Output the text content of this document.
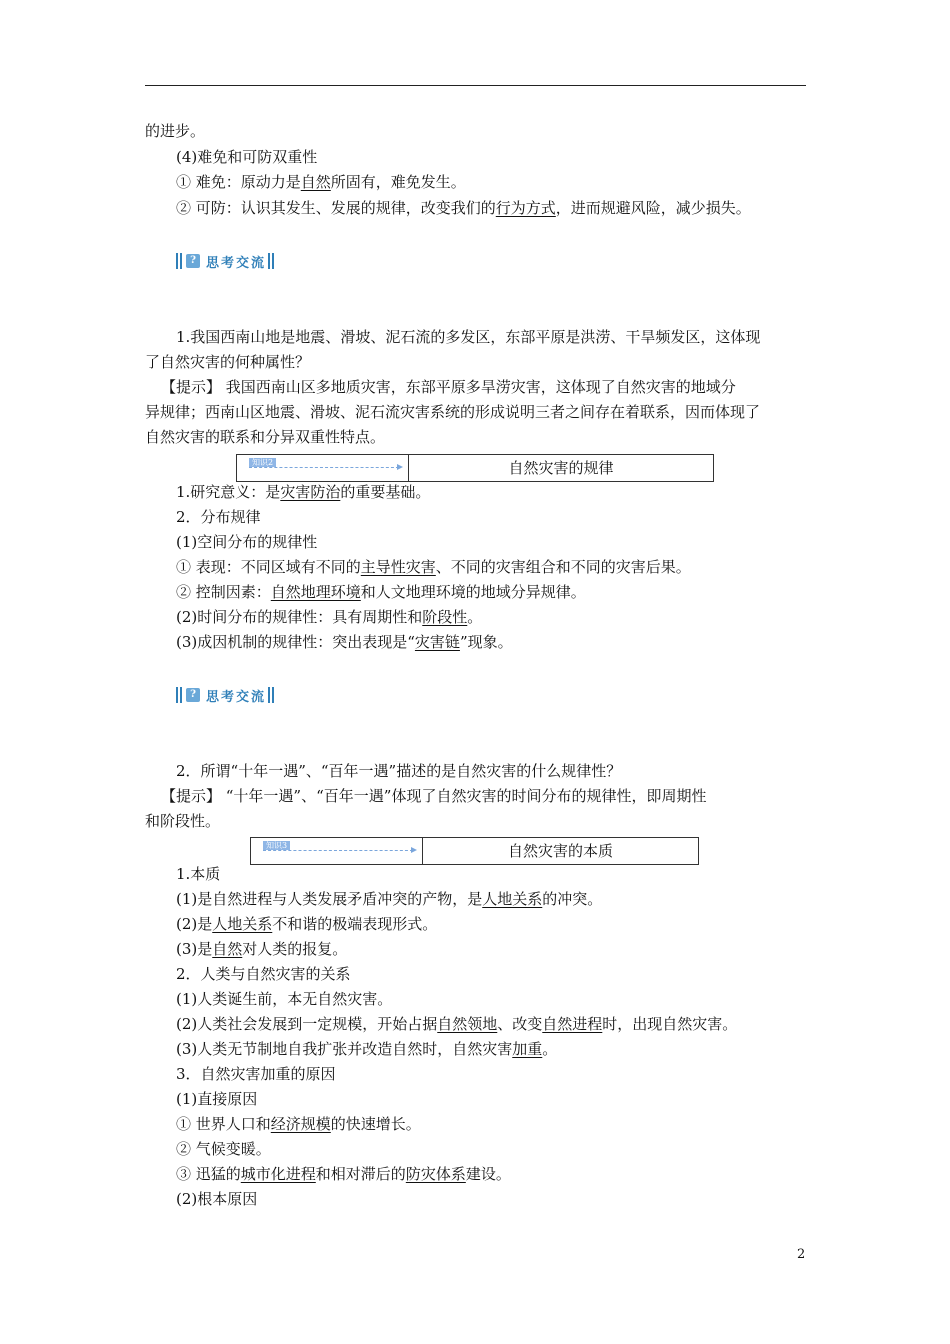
的进步。
(4)难免和可防双重性
① 难免：原动力是自然所固有，难免发生。
② 可防：认识其发生、发展的规律，改变我们的行为方式，进而规避风险，减少损失。
? 思考交流
1.我国西南山地是地震、滑坡、泥石流的多发区，东部平原是洪涝、干旱频发区，这体现
了自然灾害的何种属性？
【提示】 我国西南山区多地质灾害，东部平原多旱涝灾害，这体现了自然灾害的地域分
异规律；西南山区地震、滑坡、泥石流灾害系统的形成说明三者之间存在着联系，因而体现了
自然灾害的联系和分异双重性特点。
知识2	自然灾害的规律
1.研究意义：是灾害防治的重要基础。
2．分布规律
(1)空间分布的规律性
① 表现：不同区域有不同的主导性灾害、不同的灾害组合和不同的灾害后果。
② 控制因素：自然地理环境和人文地理环境的地域分异规律。
(2)时间分布的规律性：具有周期性和阶段性。
(3)成因机制的规律性：突出表现是“灾害链”现象。
? 思考交流
2．所谓“十年一遇”、“百年一遇”描述的是自然灾害的什么规律性？
【提示】 “十年一遇”、“百年一遇”体现了自然灾害的时间分布的规律性，即周期性
和阶段性。
知识3	自然灾害的本质
1.本质
(1)是自然进程与人类发展矛盾冲突的产物，是人地关系的冲突。
(2)是人地关系不和谐的极端表现形式。
(3)是自然对人类的报复。
2．人类与自然灾害的关系
(1)人类诞生前，本无自然灾害。
(2)人类社会发展到一定规模，开始占据自然领地、改变自然进程时，出现自然灾害。
(3)人类无节制地自我扩张并改造自然时，自然灾害加重。
3．自然灾害加重的原因
(1)直接原因
① 世界人口和经济规模的快速增长。
② 气候变暖。
③ 迅猛的城市化进程和相对滞后的防灾体系建设。
(2)根本原因
2
